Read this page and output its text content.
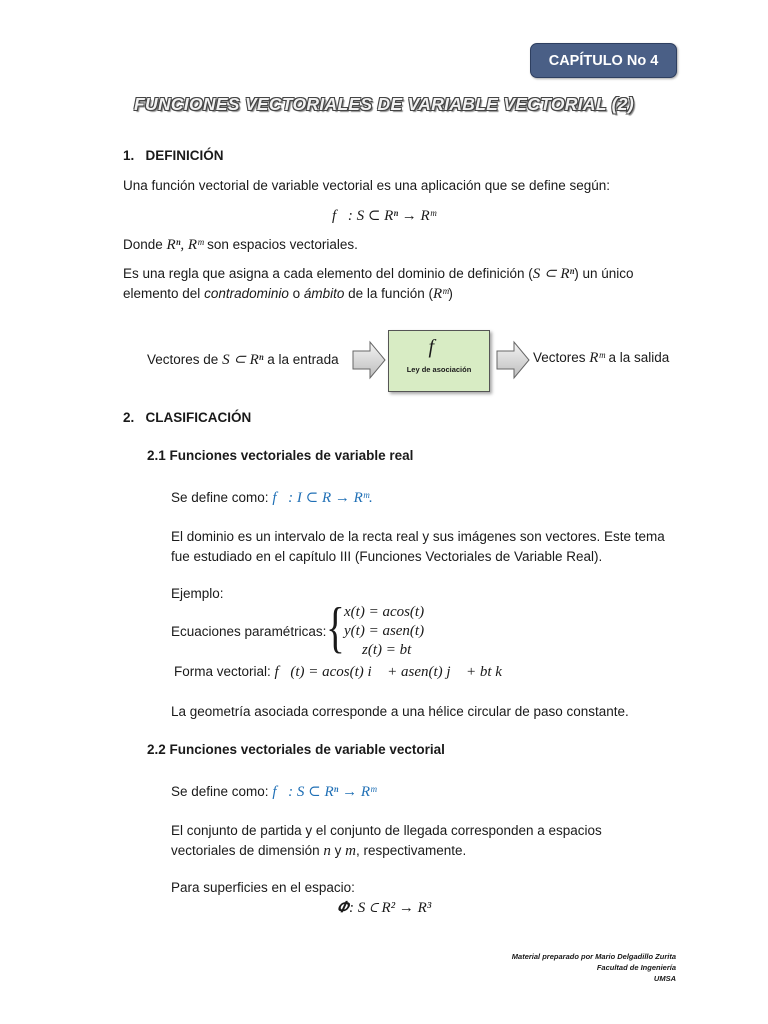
CAPÍTULO No 4
FUNCIONES VECTORIALES DE VARIABLE VECTORIAL (2)
1.   DEFINICIÓN
Una función vectorial de variable vectorial es una aplicación que se define según:
f⃗: S ⊂ Rⁿ → Rᵐ
Donde Rⁿ, Rᵐ son espacios vectoriales.
Es una regla que asigna a cada elemento del dominio de definición (S ⊂ Rⁿ) un único
elemento del contradominio o ámbito de la función (Rᵐ)
Vectores de S ⊂ Rⁿ a la entrada
f⃗
Ley de asociación
Vectores Rᵐ a la salida
2.   CLASIFICACIÓN
2.1 Funciones vectoriales de variable real
Se define como: f⃗: I ⊂ R → Rᵐ.
El dominio es un intervalo de la recta real y sus imágenes son vectores. Este tema
fue estudiado en el capítulo III (Funciones Vectoriales de Variable Real).
Ejemplo:
Ecuaciones paramétricas: { x(t) = acos(t)
y(t) = asen(t)
z(t) = bt
Forma vectorial: f⃗(t) = acos(t) i⃗ + asen(t) j⃗ + bt k⃗
La geometría asociada corresponde a una hélice circular de paso constante.
2.2 Funciones vectoriales de variable vectorial
Se define como: f⃗: S ⊂ Rⁿ → Rᵐ
El conjunto de partida y el conjunto de llegada corresponden a espacios
vectoriales de dimensión n y m, respectivamente.
Para superficies en el espacio:
𝜱: S ⊂ R² → R³
Material preparado por Mario Delgadillo Zurita
Facultad de Ingeniería
UMSA
